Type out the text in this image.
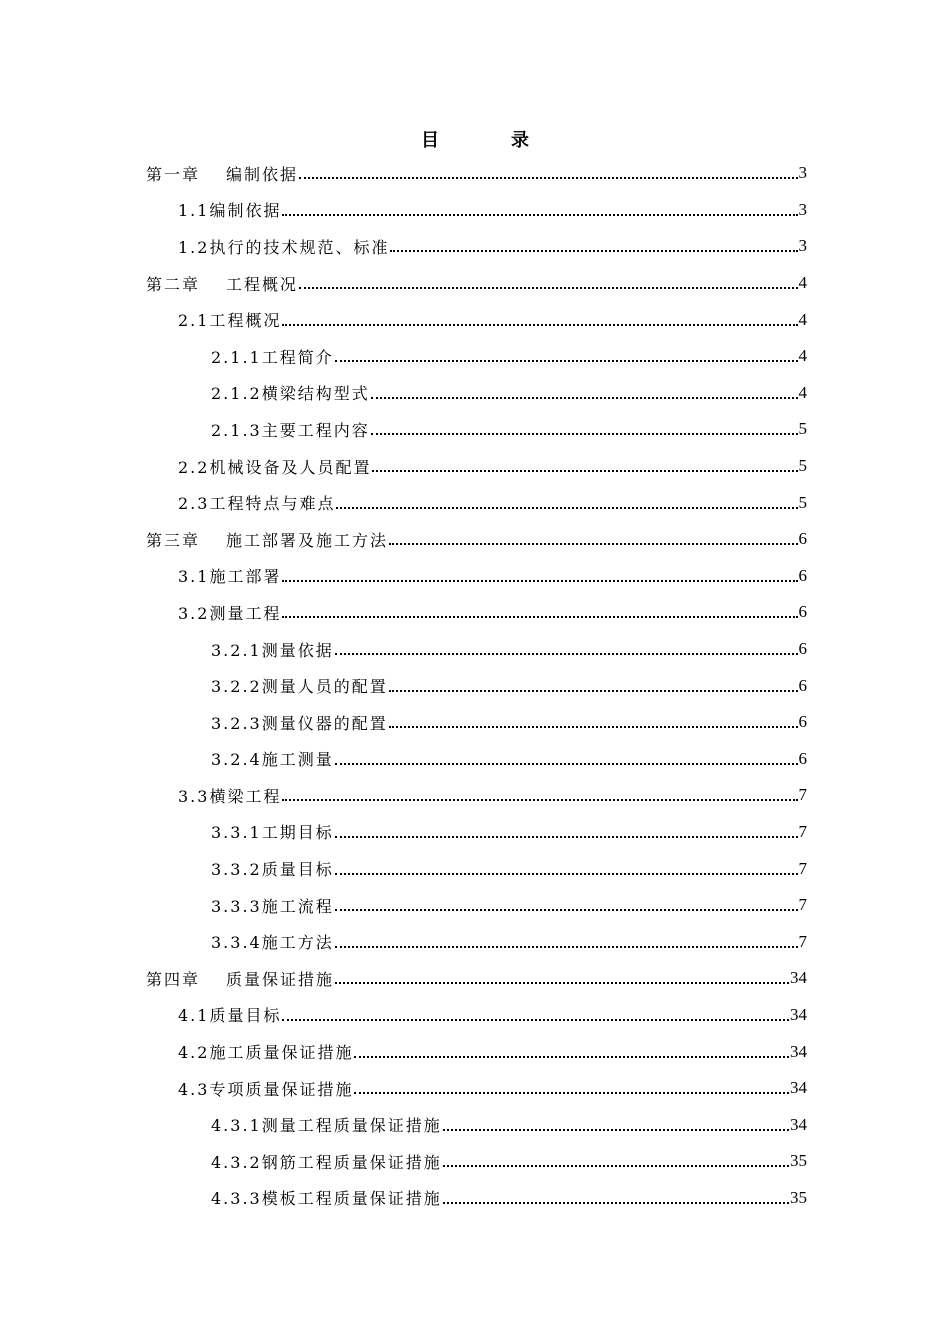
目	录
第一章 编制依据	3
1.1编制依据	3
1.2执行的技术规范、标准	3
第二章 工程概况	4
2.1工程概况	4
2.1.1工程简介	4
2.1.2横梁结构型式	4
2.1.3主要工程内容	5
2.2机械设备及人员配置	5
2.3工程特点与难点	5
第三章 施工部署及施工方法	6
3.1施工部署	6
3.2测量工程	6
3.2.1测量依据	6
3.2.2测量人员的配置	6
3.2.3测量仪器的配置	6
3.2.4施工测量	6
3.3横梁工程	7
3.3.1工期目标	7
3.3.2质量目标	7
3.3.3施工流程	7
3.3.4施工方法	7
第四章 质量保证措施	34
4.1质量目标	34
4.2施工质量保证措施	34
4.3专项质量保证措施	34
4.3.1测量工程质量保证措施	34
4.3.2钢筋工程质量保证措施	35
4.3.3模板工程质量保证措施	35
